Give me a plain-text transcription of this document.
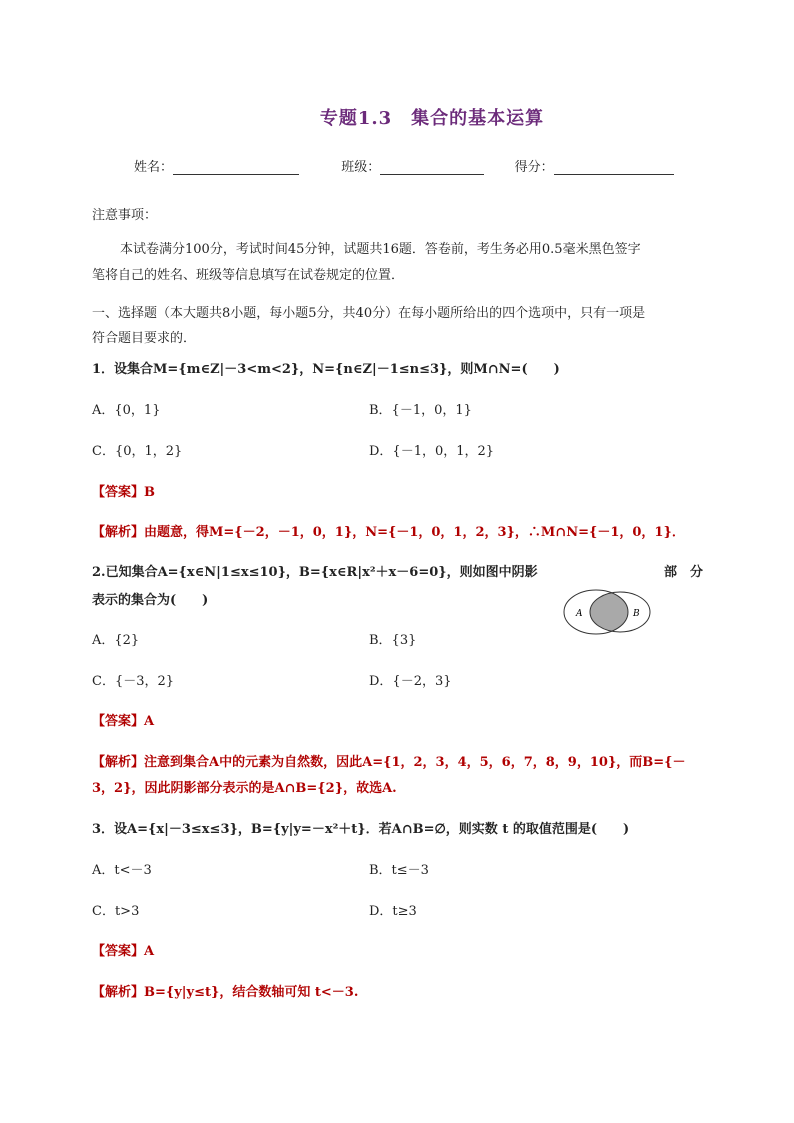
专题1.3　集合的基本运算
姓名：	班级：	得分：
注意事项：
本试卷满分100分，考试时间45分钟，试题共16题．答卷前，考生务必用0.5毫米黑色签字
笔将自己的姓名、班级等信息填写在试卷规定的位置．
一、选择题（本大题共8小题，每小题5分，共40分）在每小题所给出的四个选项中，只有一项是
符合题目要求的．
1．设集合M={m∈Z|－3<m<2}，N={n∈Z|－1≤n≤3}，则M∩N=(　　)
A．{0，1}	B．{－1，0，1}
C．{0，1，2}	D．{－1，0，1，2}
【答案】B
【解析】由题意，得M={－2，－1，0，1}，N={－1，0，1，2，3}，∴M∩N={－1，0，1}．
2.已知集合A={x∈N|1≤x≤10}，B={x∈R|x²＋x－6=0}，则如图中阴影	部　分
表示的集合为(　　)
A	B
A．{2}	B．{3}
C．{－3，2}	D．{－2，3}
【答案】A
【解析】注意到集合A中的元素为自然数，因此A={1，2，3，4，5，6，7，8，9，10}，而B={－
3，2}，因此阴影部分表示的是A∩B={2}，故选A.
3．设A={x|－3≤x≤3}，B={y|y=－x²＋t}．若A∩B=∅，则实数 t 的取值范围是(　　)
A．t<－3	B．t≤－3
C．t>3	D．t≥3
【答案】A
【解析】B={y|y≤t}，结合数轴可知 t<－3.
